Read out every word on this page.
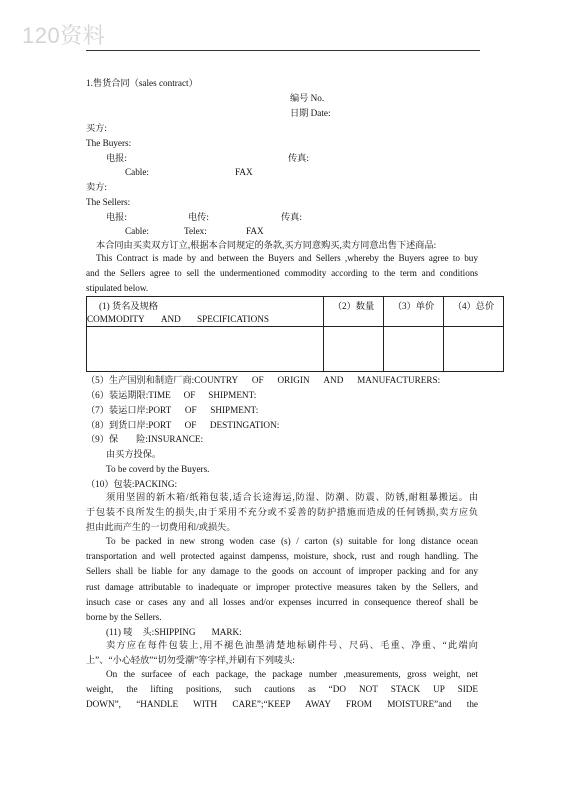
120资料
1.售货合同（sales contract）
编号 No.
日期 Date:
买方:
The Buyers:
电报:	传真:
Cable:	FAX
卖方:
The Sellers:
电报:	电传:	传真:
Cable:	Telex:	FAX
本合同由买卖双方订立,根据本合同规定的条款,买方同意购买,卖方同意出售下述商品:
This Contract is made by and between the Buyers and Sellers ,whereby the Buyers agree to buy
and the Sellers agree to sell the undermentioned commodity according to the term and conditions
stipulated below.
(1) 货名及规格
COMMODITY AND SPECIFICATIONS	（2）数量	（3）单价	（4）总价

（5）生产国别和制造厂商: COUNTRY OF ORIGIN AND MANUFACTURERS:
（6）装运期限: TIME OF SHIPMENT:
（7）装运口岸: PORT OF SHIPMENT:
（8）到货口岸: PORT OF DESTINGATION:
（9）保 险:INSURANCE:
由买方投保。
To be coverd by the Buyers.
（10）包装:PACKING:
须用坚固的新木箱/纸箱包装,适合长途海运,防湿、防潮、防震、防锈,耐粗暴搬运。由
于包装不良所发生的损失,由于采用不充分或不妥善的防护措施而造成的任何锈损,卖方应负
担由此而产生的一切费用和/或损失。
To be packed in new strong woden case (s) / carton (s) suitable for long distance ocean
transportation and well protected against dampenss, moisture, shock, rust and rough handling. The
Sellers shall be liable for any damage to the goods on account of improper packing and for any
rust damage attributable to inadequate or improper protective measures taken by the Sellers, and
insuch case or cases any and all losses and/or expenses incurred in consequence thereof shall be
borne by the Sellers.
(11) 唛 头:SHIPPING MARK:
卖方应在每件包装上,用不褪色油墨清楚地标刷件号、尺码、毛重、净重、“此端向
上”、“小心轻放”“切勿受潮”等字样,并刷有下列唛头:
On the surfacee of each package, the package number ,measurements, gross weight, net
weight, the lifting positions, such cautions as “DO NOT STACK UP SIDE
DOWN”, “HANDLE WITH CARE”;“KEEP AWAY FROM MOISTURE”and the
